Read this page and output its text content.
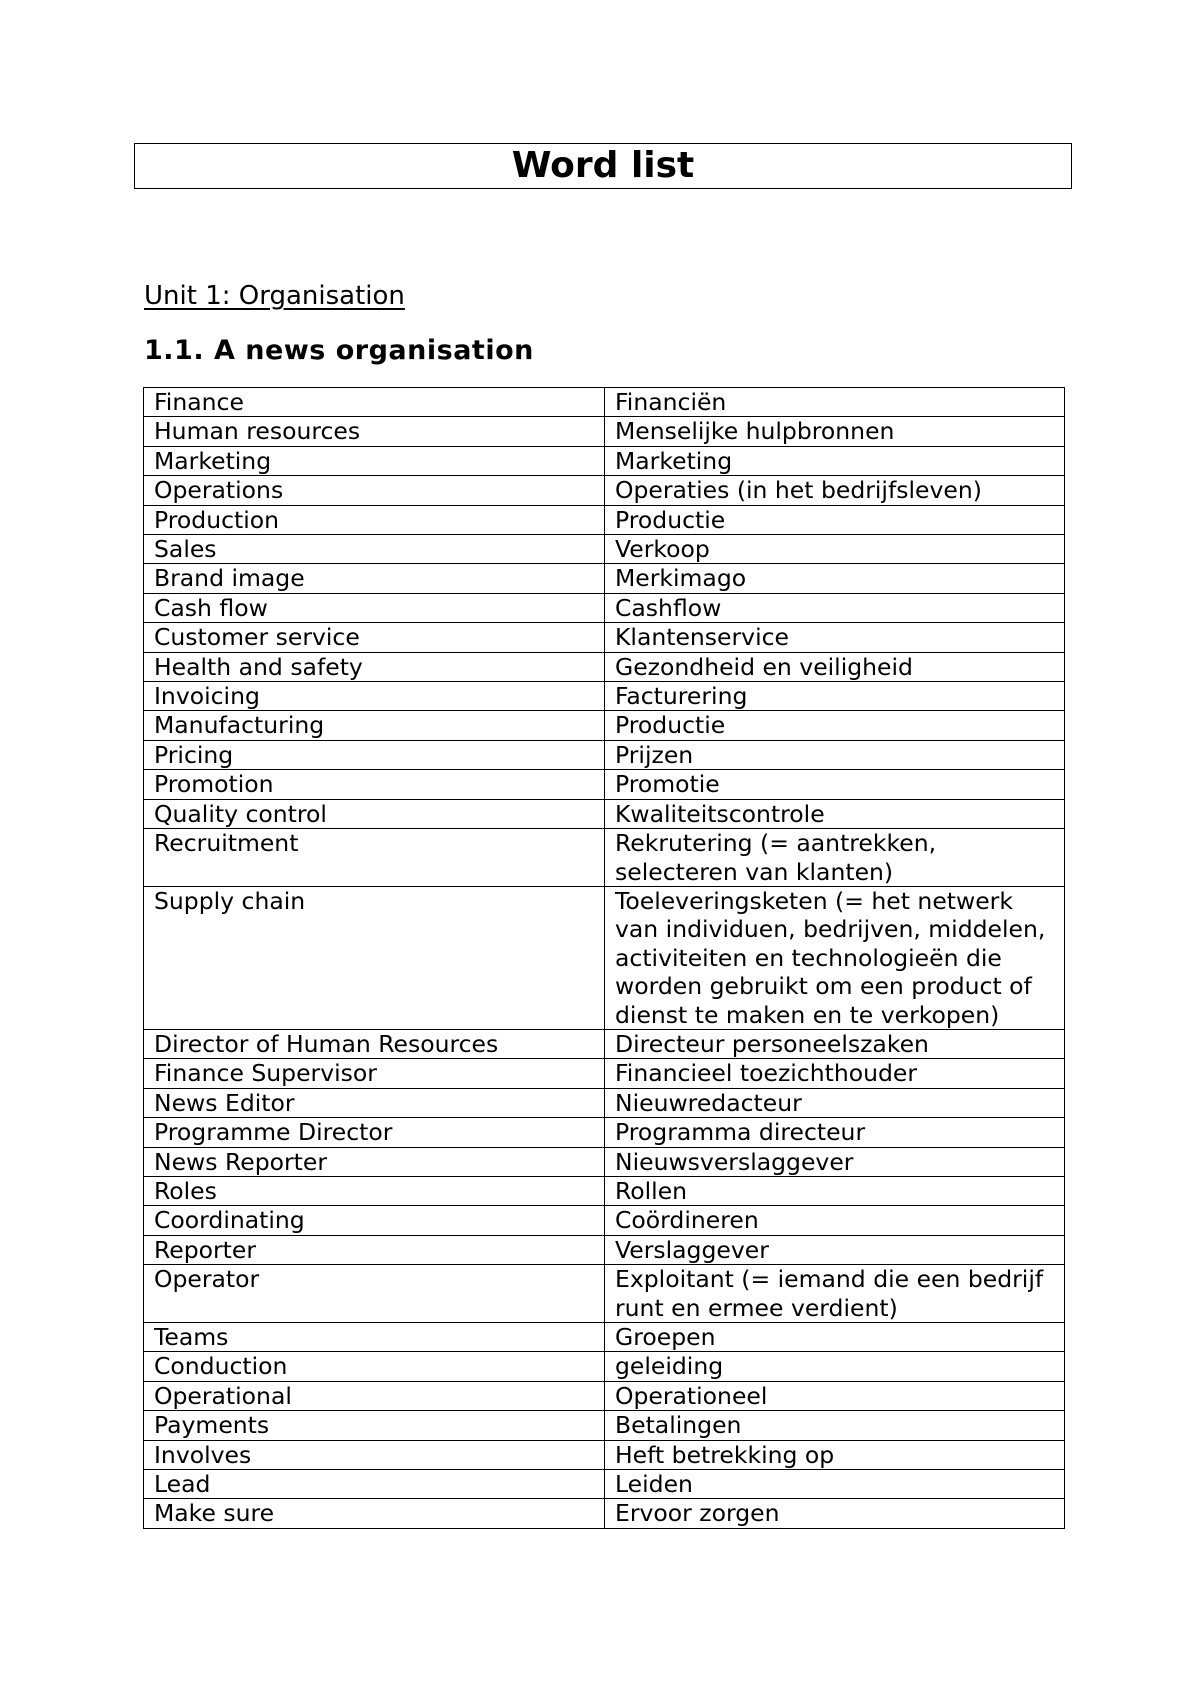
Word list
Unit 1: Organisation
1.1. A news organisation
Finance	Financiën
Human resources	Menselijke hulpbronnen
Marketing	Marketing
Operations	Operaties (in het bedrijfsleven)
Production	Productie
Sales	Verkoop
Brand image	Merkimago
Cash flow	Cashflow
Customer service	Klantenservice
Health and safety	Gezondheid en veiligheid
Invoicing	Facturering
Manufacturing	Productie
Pricing	Prijzen
Promotion	Promotie
Quality control	Kwaliteitscontrole
Recruitment	Rekrutering (= aantrekken, selecteren van klanten)
Supply chain	Toeleveringsketen (= het netwerk van individuen, bedrijven, middelen, activiteiten en technologieën die worden gebruikt om een product of dienst te maken en te verkopen)
Director of Human Resources	Directeur personeelszaken
Finance Supervisor	Financieel toezichthouder
News Editor	Nieuwredacteur
Programme Director	Programma directeur
News Reporter	Nieuwsverslaggever
Roles	Rollen
Coordinating	Coördineren
Reporter	Verslaggever
Operator	Exploitant (= iemand die een bedrijf runt en ermee verdient)
Teams	Groepen
Conduction	geleiding
Operational	Operationeel
Payments	Betalingen
Involves	Heft betrekking op
Lead	Leiden
Make sure	Ervoor zorgen
